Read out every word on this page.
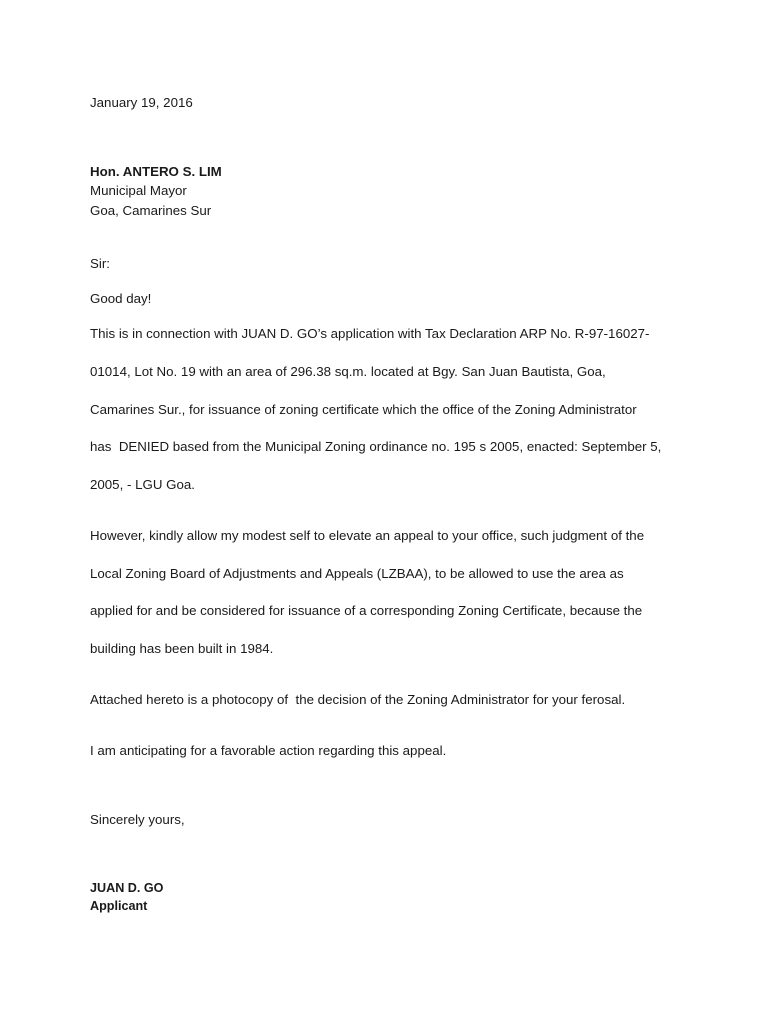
January 19, 2016

Hon. ANTERO S. LIM

Municipal Mayor

Goa, Camarines Sur

Sir:

Good day!

This is in connection with JUAN D. GO’s application with Tax Declaration ARP No. R-97-16027-

01014, Lot No. 19 with an area of 296.38 sq.m. located at Bgy. San Juan Bautista, Goa,

Camarines Sur., for issuance of zoning certificate which the office of the Zoning Administrator

has  DENIED based from the Municipal Zoning ordinance no. 195 s 2005, enacted: September 5,

2005, - LGU Goa.

However, kindly allow my modest self to elevate an appeal to your office, such judgment of the

Local Zoning Board of Adjustments and Appeals (LZBAA), to be allowed to use the area as

applied for and be considered for issuance of a corresponding Zoning Certificate, because the

building has been built in 1984.

Attached hereto is a photocopy of  the decision of the Zoning Administrator for your ferosal.

I am anticipating for a favorable action regarding this appeal.

Sincerely yours,

JUAN D. GO

Applicant
